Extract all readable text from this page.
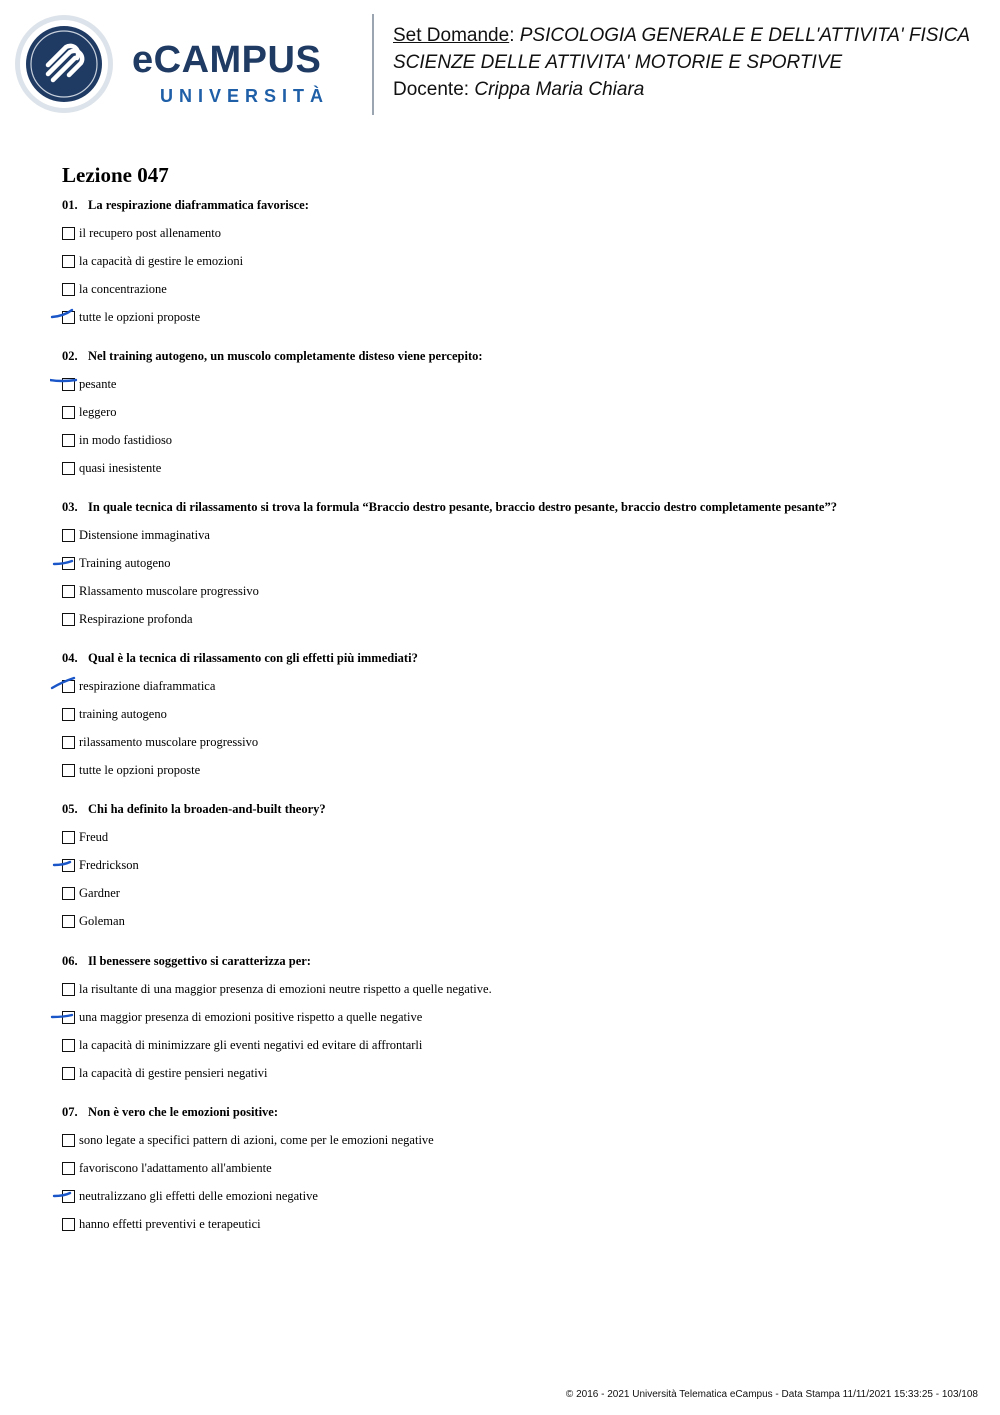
eCAMPUS
UNIVERSITÀ
Set Domande: PSICOLOGIA GENERALE E DELL'ATTIVITA' FISICA
SCIENZE DELLE ATTIVITA' MOTORIE E SPORTIVE
Docente: Crippa Maria Chiara
Lezione 047
01. La respirazione diaframmatica favorisce:
il recupero post allenamento
la capacità di gestire le emozioni
la concentrazione
tutte le opzioni proposte
02. Nel training autogeno, un muscolo completamente disteso viene percepito:
pesante
leggero
in modo fastidioso
quasi inesistente
03. In quale tecnica di rilassamento si trova la formula “Braccio destro pesante, braccio destro pesante, braccio destro completamente pesante”?
Distensione immaginativa
Training autogeno
Rlassamento muscolare progressivo
Respirazione profonda
04. Qual è la tecnica di rilassamento con gli effetti più immediati?
respirazione diaframmatica
training autogeno
rilassamento muscolare progressivo
tutte le opzioni proposte
05. Chi ha definito la broaden-and-built theory?
Freud
Fredrickson
Gardner
Goleman
06. Il benessere soggettivo si caratterizza per:
la risultante di una maggior presenza di emozioni neutre rispetto a quelle negative.
una maggior presenza di emozioni positive rispetto a quelle negative
la capacità di minimizzare gli eventi negativi ed evitare di affrontarli
la capacità di gestire pensieri negativi
07. Non è vero che le emozioni positive:
sono legate a specifici pattern di azioni, come per le emozioni negative
favoriscono l'adattamento all'ambiente
neutralizzano gli effetti delle emozioni negative
hanno effetti preventivi e terapeutici
© 2016 - 2021 Università Telematica eCampus - Data Stampa 11/11/2021 15:33:25 - 103/108
